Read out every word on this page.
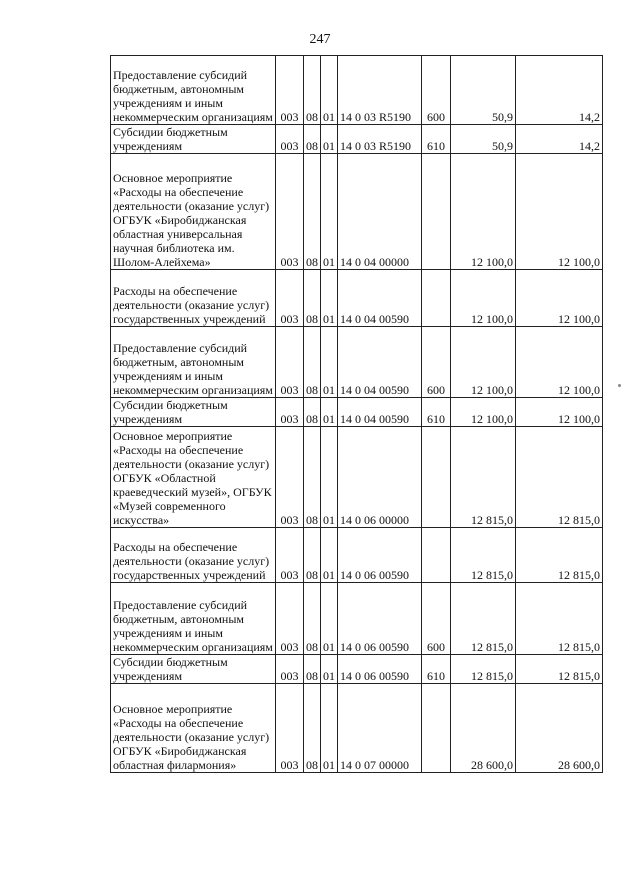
247
Предоставление субсидий бюджетным, автономным учреждениям и иным некоммерческим организациям	003	08	01	14 0 03 R5190	600	50,9	14,2
Субсидии бюджетным учреждениям	003	08	01	14 0 03 R5190	610	50,9	14,2
Основное мероприятие «Расходы на обеспечение деятельности (оказание услуг) ОГБУК «Биробиджанская областная универсальная научная библиотека им. Шолом-Алейхема»	003	08	01	14 0 04 00000		12 100,0	12 100,0
Расходы на обеспечение деятельности (оказание услуг) государственных учреждений	003	08	01	14 0 04 00590		12 100,0	12 100,0
Предоставление субсидий бюджетным, автономным учреждениям и иным некоммерческим организациям	003	08	01	14 0 04 00590	600	12 100,0	12 100,0
Субсидии бюджетным учреждениям	003	08	01	14 0 04 00590	610	12 100,0	12 100,0
Основное мероприятие «Расходы на обеспечение деятельности (оказание услуг) ОГБУК «Областной краеведческий музей», ОГБУК «Музей современного искусства»	003	08	01	14 0 06 00000		12 815,0	12 815,0
Расходы на обеспечение деятельности (оказание услуг) государственных учреждений	003	08	01	14 0 06 00590		12 815,0	12 815,0
Предоставление субсидий бюджетным, автономным учреждениям и иным некоммерческим организациям	003	08	01	14 0 06 00590	600	12 815,0	12 815,0
Субсидии бюджетным учреждениям	003	08	01	14 0 06 00590	610	12 815,0	12 815,0
Основное мероприятие «Расходы на обеспечение деятельности (оказание услуг) ОГБУК «Биробиджанская областная филармония»	003	08	01	14 0 07 00000		28 600,0	28 600,0
